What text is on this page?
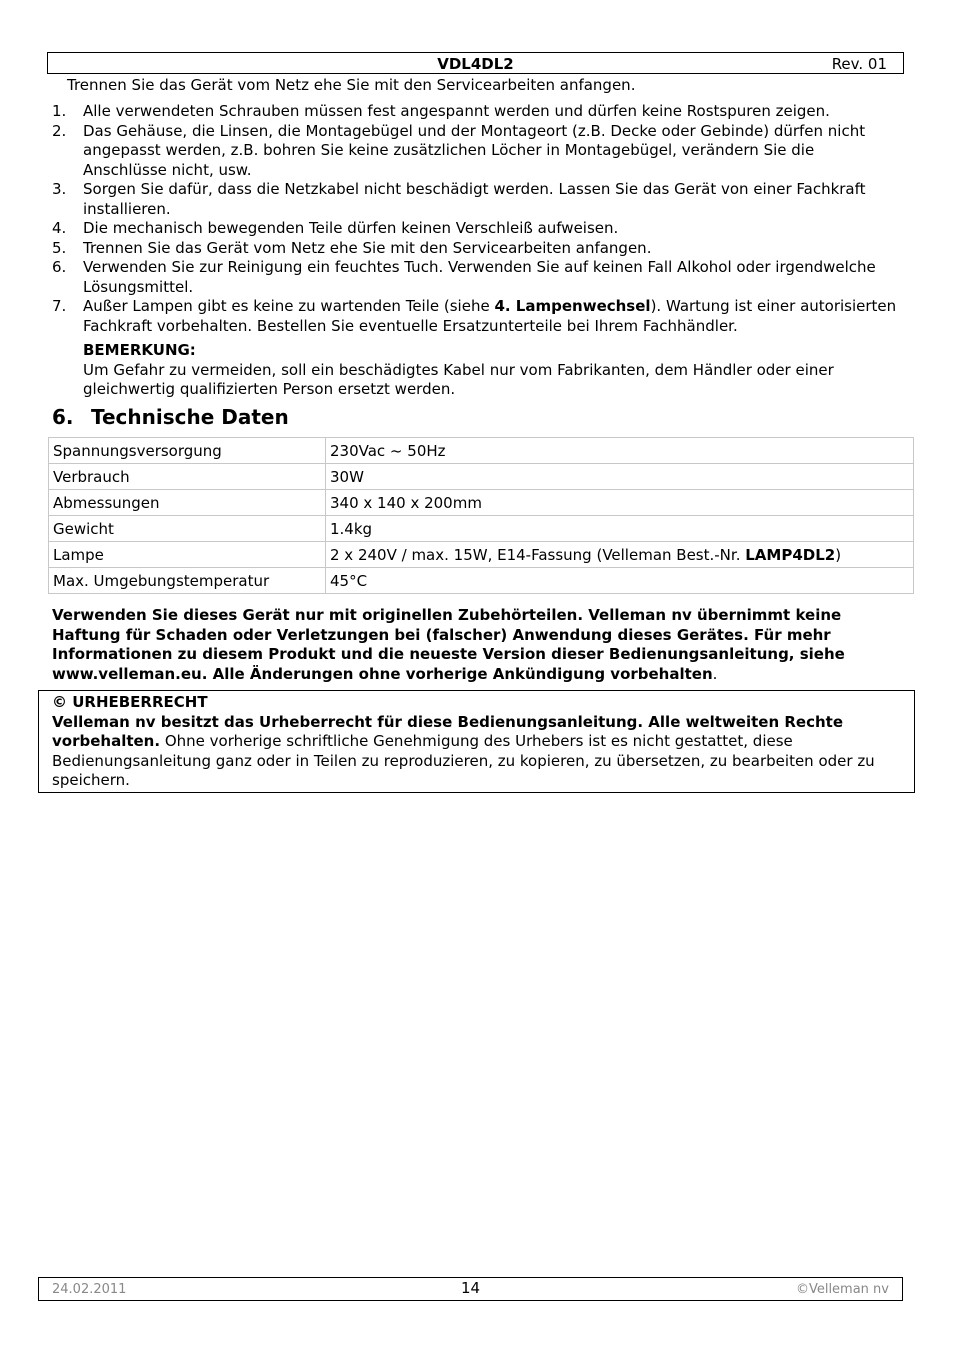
VDL4DL2	Rev. 01
Trennen Sie das Gerät vom Netz ehe Sie mit den Servicearbeiten anfangen.
1. Alle verwendeten Schrauben müssen fest angespannt werden und dürfen keine Rostspuren zeigen.
2. Das Gehäuse, die Linsen, die Montagebügel und der Montageort (z.B. Decke oder Gebinde) dürfen nicht angepasst werden, z.B. bohren Sie keine zusätzlichen Löcher in Montagebügel, verändern Sie die Anschlüsse nicht, usw.
3. Sorgen Sie dafür, dass die Netzkabel nicht beschädigt werden. Lassen Sie das Gerät von einer Fachkraft installieren.
4. Die mechanisch bewegenden Teile dürfen keinen Verschleiß aufweisen.
5. Trennen Sie das Gerät vom Netz ehe Sie mit den Servicearbeiten anfangen.
6. Verwenden Sie zur Reinigung ein feuchtes Tuch. Verwenden Sie auf keinen Fall Alkohol oder irgendwelche Lösungsmittel.
7. Außer Lampen gibt es keine zu wartenden Teile (siehe 4. Lampenwechsel). Wartung ist einer autorisierten Fachkraft vorbehalten. Bestellen Sie eventuelle Ersatzunterteile bei Ihrem Fachhändler.
BEMERKUNG:
Um Gefahr zu vermeiden, soll ein beschädigtes Kabel nur vom Fabrikanten, dem Händler oder einer gleichwertig qualifizierten Person ersetzt werden.
6. Technische Daten
Spannungsversorgung	230Vac ~ 50Hz
Verbrauch	30W
Abmessungen	340 x 140 x 200mm
Gewicht	1.4kg
Lampe	2 x 240V / max. 15W, E14-Fassung (Velleman Best.-Nr. LAMP4DL2)
Max. Umgebungstemperatur	45°C
Verwenden Sie dieses Gerät nur mit originellen Zubehörteilen. Velleman nv übernimmt keine Haftung für Schaden oder Verletzungen bei (falscher) Anwendung dieses Gerätes. Für mehr Informationen zu diesem Produkt und die neueste Version dieser Bedienungsanleitung, siehe www.velleman.eu. Alle Änderungen ohne vorherige Ankündigung vorbehalten.
© URHEBERRECHT
Velleman nv besitzt das Urheberrecht für diese Bedienungsanleitung. Alle weltweiten Rechte vorbehalten. Ohne vorherige schriftliche Genehmigung des Urhebers ist es nicht gestattet, diese Bedienungsanleitung ganz oder in Teilen zu reproduzieren, zu kopieren, zu übersetzen, zu bearbeiten oder zu speichern.
24.02.2011	14	©Velleman nv
